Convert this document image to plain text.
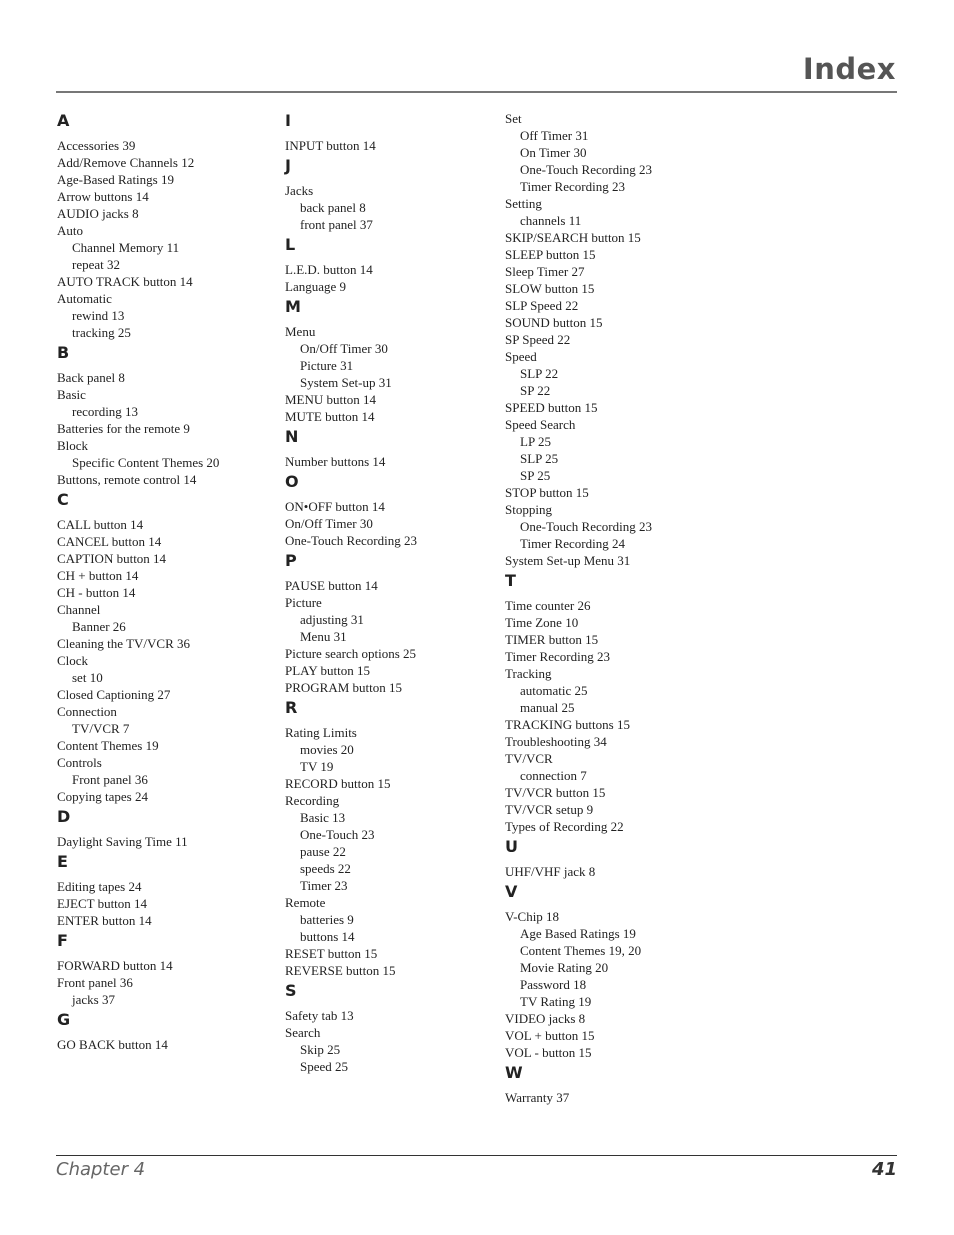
Index
A
Accessories 39
Add/Remove Channels 12
Age-Based Ratings 19
Arrow buttons 14
AUDIO jacks 8
Auto
Channel Memory 11
repeat 32
AUTO TRACK button 14
Automatic
rewind 13
tracking 25
B
Back panel 8
Basic
recording 13
Batteries for the remote 9
Block
Specific Content Themes 20
Buttons, remote control 14
C
CALL button 14
CANCEL button 14
CAPTION button 14
CH + button 14
CH - button 14
Channel
Banner 26
Cleaning the TV/VCR 36
Clock
set 10
Closed Captioning 27
Connection
TV/VCR 7
Content Themes 19
Controls
Front panel 36
Copying tapes 24
D
Daylight Saving Time 11
E
Editing tapes 24
EJECT button 14
ENTER button 14
F
FORWARD button 14
Front panel 36
jacks 37
G
GO BACK button 14
I
INPUT button 14
J
Jacks
back panel 8
front panel 37
L
L.E.D. button 14
Language 9
M
Menu
On/Off Timer 30
Picture 31
System Set-up 31
MENU button 14
MUTE button 14
N
Number buttons 14
O
ON•OFF button 14
On/Off Timer 30
One-Touch Recording 23
P
PAUSE button 14
Picture
adjusting 31
Menu 31
Picture search options 25
PLAY button 15
PROGRAM button 15
R
Rating Limits
movies 20
TV 19
RECORD button 15
Recording
Basic 13
One-Touch 23
pause 22
speeds 22
Timer 23
Remote
batteries 9
buttons 14
RESET button 15
REVERSE button 15
S
Safety tab 13
Search
Skip 25
Speed 25
Set
Off Timer 31
On Timer 30
One-Touch Recording 23
Timer Recording 23
Setting
channels 11
SKIP/SEARCH button 15
SLEEP button 15
Sleep Timer 27
SLOW button 15
SLP Speed 22
SOUND button 15
SP Speed 22
Speed
SLP 22
SP 22
SPEED button 15
Speed Search
LP 25
SLP 25
SP 25
STOP button 15
Stopping
One-Touch Recording 23
Timer Recording 24
System Set-up Menu 31
T
Time counter 26
Time Zone 10
TIMER button 15
Timer Recording 23
Tracking
automatic 25
manual 25
TRACKING buttons 15
Troubleshooting 34
TV/VCR
connection 7
TV/VCR button 15
TV/VCR setup 9
Types of Recording 22
U
UHF/VHF jack 8
V
V-Chip 18
Age Based Ratings 19
Content Themes 19, 20
Movie Rating 20
Password 18
TV Rating 19
VIDEO jacks 8
VOL + button 15
VOL - button 15
W
Warranty 37
Chapter 4	41
